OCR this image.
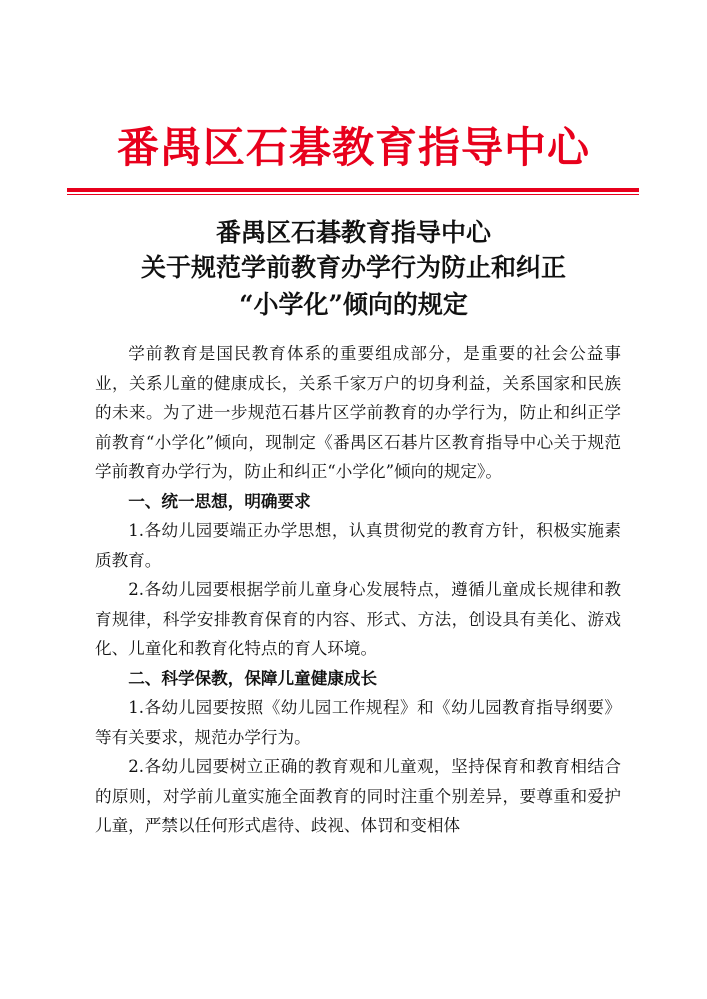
番禺区石碁教育指导中心
番禺区石碁教育指导中心
关于规范学前教育办学行为防止和纠正
“小学化”倾向的规定

学前教育是国民教育体系的重要组成部分，是重要的社会公益事业，关系儿童的健康成长，关系千家万户的切身利益，关系国家和民族的未来。为了进一步规范石碁片区学前教育的办学行为，防止和纠正学前教育“小学化”倾向，现制定《番禺区石碁片区教育指导中心关于规范学前教育办学行为，防止和纠正“小学化”倾向的规定》。

一、统一思想，明确要求

1.各幼儿园要端正办学思想，认真贯彻党的教育方针，积极实施素质教育。

2.各幼儿园要根据学前儿童身心发展特点，遵循儿童成长规律和教育规律，科学安排教育保育的内容、形式、方法，创设具有美化、游戏化、儿童化和教育化特点的育人环境。

二、科学保教，保障儿童健康成长

1.各幼儿园要按照《幼儿园工作规程》和《幼儿园教育指导纲要》等有关要求，规范办学行为。

2.各幼儿园要树立正确的教育观和儿童观，坚持保育和教育相结合的原则，对学前儿童实施全面教育的同时注重个别差异，要尊重和爱护儿童，严禁以任何形式虐待、歧视、体罚和变相体
